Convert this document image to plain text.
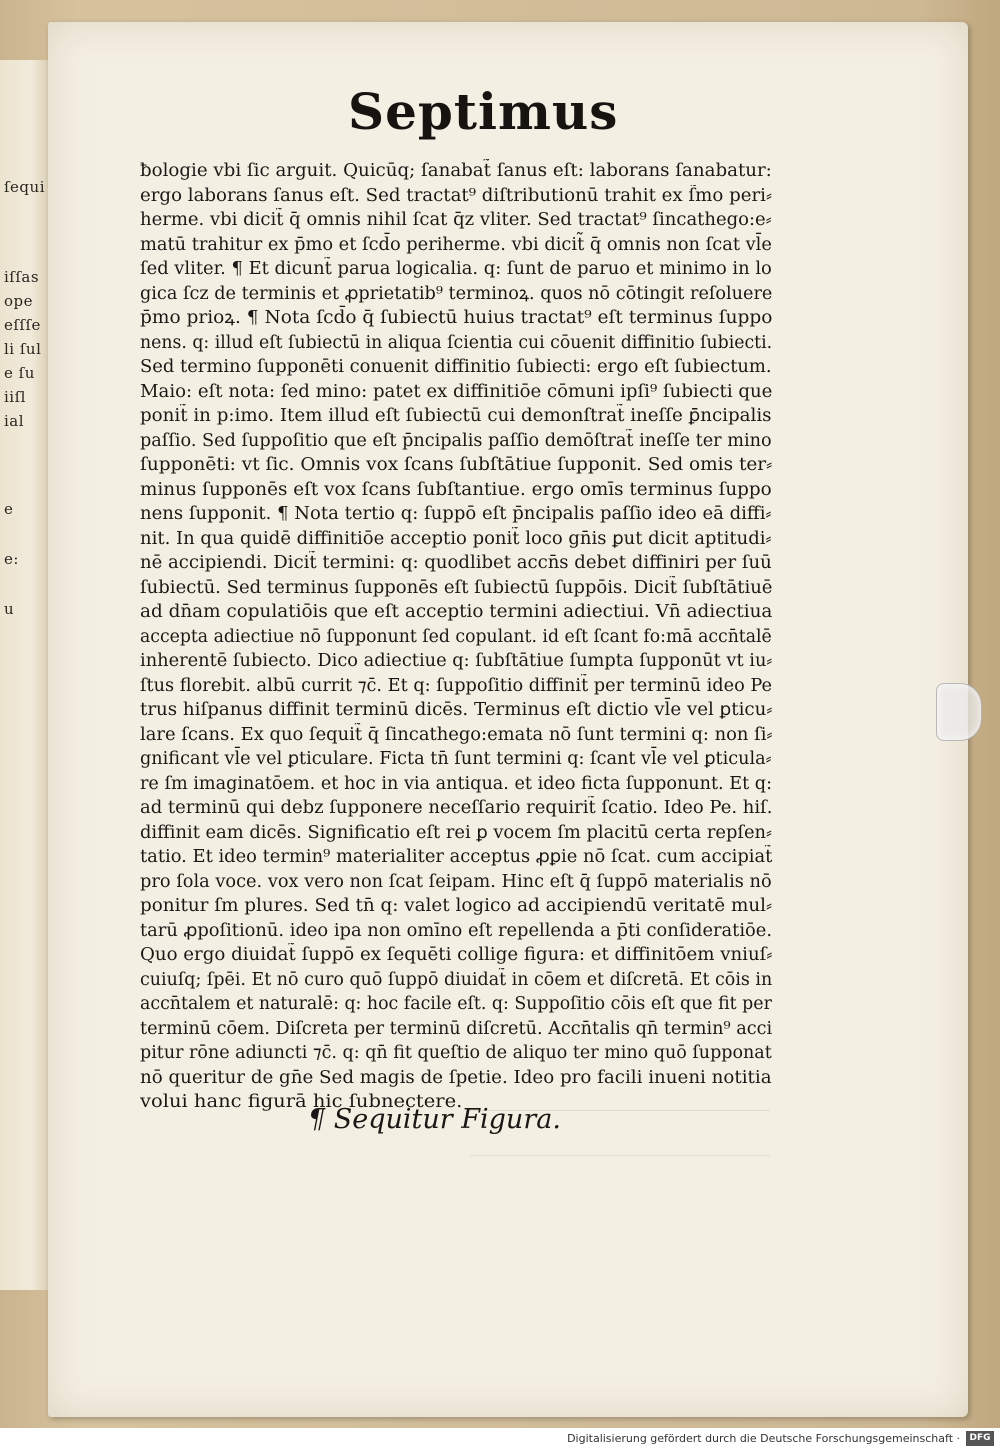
ſequi
iſſas
ope
eſſſe
li ſul
e ſu
iiſl
ial
e
e:
u
Septimus
ƀologie vbi ſic arguit. Quicūq; ſanabat̃ ſanus eſt: laborans ſanabatur:
ergo laborans ſanus eſt. Sed tractat⁹ diſtributionū trahit ex ſ̃mo peri⸗
herme. vbi dicit̃ q̄ omnis nihil ſcat q̄z vliter. Sed tractat⁹ ſincathego:e⸗
matū trahitur ex p̄mo et ſcd̄o periherme. vbi dicit̃ q̄ omnis non ſcat vl̄e
ſed vliter. ¶ Et dicunt̃ parua logicalia. q: ſunt de paruo et minimo in lo
gica ſcz de terminis et ꝓprietatib⁹ terminoꝝ. quos nō cōtingit reſoluere
p̄mo prioꝝ. ¶ Nota ſcd̄o q̄ ſubiectū huius tractat⁹ eſt terminus ſuppo
nens. q: illud eſt ſubiectū in aliqua ſcientia cui cōuenit diffinitio ſubiecti.
Sed termino ſupponēti conuenit diffinitio ſubiecti: ergo eſt ſubiectum.
Maio: eſt nota: ſed mino: patet ex diffinitiōe cōmuni ipſi⁹ ſubiecti que
ponit̃ in p:imo. Item illud eſt ſubiectū cui demonſtrat̃ ineſſe ꝑ̄ncipalis
paſſio. Sed ſuppoſitio que eſt p̄ncipalis paſſio demōſtrat̃ ineſſe ter mino
ſupponēti: vt ſic. Omnis vox ſcans ſubſtātiue ſupponit. Sed omis ter⸗
minus ſupponēs eſt vox ſcans ſubſtantiue. ergo omīs terminus ſuppo
nens ſupponit. ¶ Nota tertio q: ſuppō eſt p̄ncipalis paſſio ideo eā diffi⸗
nit. In qua quidē diffinitiōe acceptio ponit̃ loco gn̄is ꝑut dicit aptitudi⸗
nē accipiendi. Dicit̃ termini: q: quodlibet accn̄s debet diffiniri per ſuū
ſubiectū. Sed terminus ſupponēs eſt ſubiectū ſuppōis. Dicit̃ ſubſtātiuē
ad dn̄am copulatiōis que eſt acceptio termini adiectiui. Vn̄ adiectiua
accepta adiectiue nō ſupponunt ſed copulant. id eſt ſcant fo:mā accn̄talē
inherentē ſubiecto. Dico adiectiue q: ſubſtātiue ſumpta ſupponūt vt iu⸗
ſtus florebit. albū currit ⁊c̄. Et q: ſuppoſitio diffinit̃ per terminū ideo Pe
trus hiſpanus diffinit terminū dicēs. Terminus eſt dictio vl̄e vel ꝑticu⸗
lare ſcans. Ex quo ſequit̃ q̄ ſincathego:emata nō ſunt termini q: non ſi⸗
gnificant vl̄e vel ꝑticulare. Ficta tn̄ ſunt termini q: ſcant vl̄e vel ꝑticula⸗
re ſm imaginatōem. et hoc in via antiqua. et ideo ficta ſupponunt. Et q:
ad terminū qui debz ſupponere neceſſario requirit̃ ſcatio. Ideo Pe. hiſ.
diffinit eam dicēs. Significatio eſt rei ꝑ vocem ſm placitū certa repſen⸗
tatio. Et ideo termin⁹ materialiter acceptus ꝓꝑie nō ſcat. cum accipiat̃
pro ſola voce. vox vero non ſcat ſeipam. Hinc eſt q̄ ſuppō materialis nō
ponitur ſm plures. Sed tn̄ q: valet logico ad accipiendū veritatē mul⸗
tarū ꝓpoſitionū. ideo ipa non omīno eſt repellenda a p̄ti conſideratiōe.
Quo ergo diuidat̃ ſuppō ex ſequēti collige figura: et diffinitōem vniuſ⸗
cuiuſq; ſpēi. Et nō curo quō ſuppō diuidat̃ in cōem et diſcretā. Et cōis in
accn̄talem et naturalē: q: hoc facile eſt. q: Suppoſitio cōis eſt que fit per
terminū cōem. Diſcreta per terminū diſcretū. Accn̄talis qn̄ termin⁹ acci
pitur rōne adiuncti ⁊c̄. q: qn̄ fit queſtio de aliquo ter mino quō ſupponat
nō queritur de gn̄e Sed magis de ſpetie. Ideo pro facili inueni notitia
volui hanc figurā hic ſubnectere.
¶ Sequitur Figura.
Digitalisierung gefördert durch die Deutsche Forschungsgemeinschaft ·	DFG
